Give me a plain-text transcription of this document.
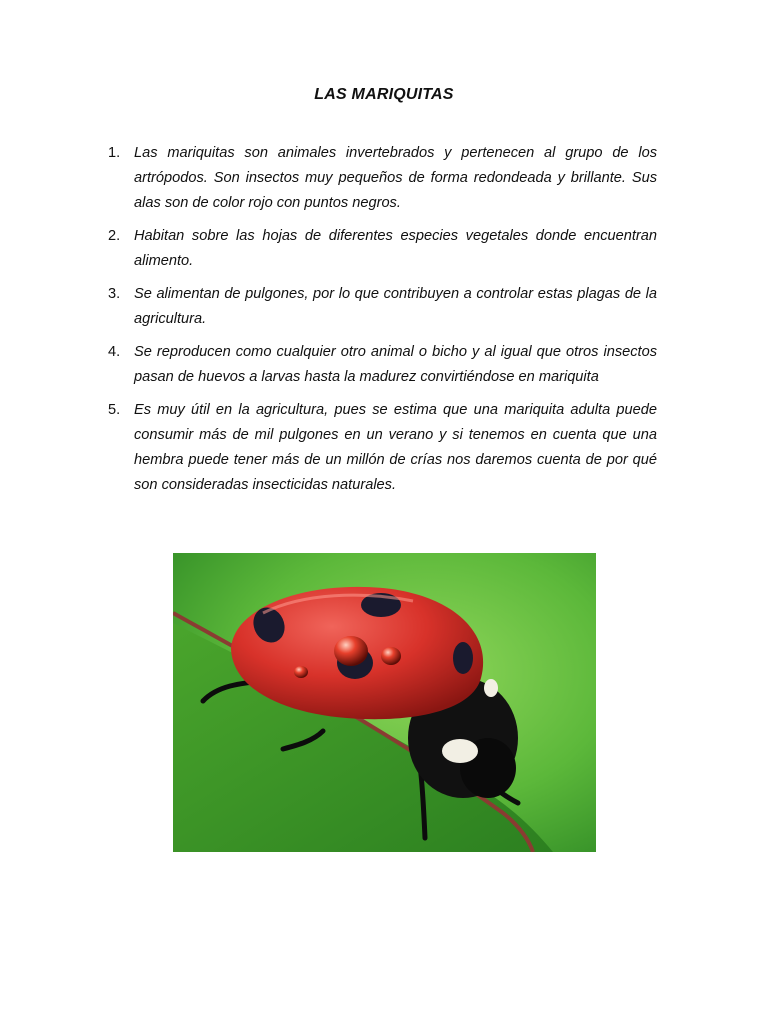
LAS MARIQUITAS
1. Las mariquitas son animales invertebrados y pertenecen al grupo de los artrópodos. Son insectos muy pequeños de forma redondeada y brillante. Sus alas son de color rojo con puntos negros.
2. Habitan sobre las hojas de diferentes especies vegetales donde encuentran alimento.
3. Se alimentan de pulgones, por lo que contribuyen a controlar estas plagas de la agricultura.
4. Se reproducen como cualquier otro animal o bicho y al igual que otros insectos pasan de huevos a larvas hasta la madurez convirtiéndose en mariquita
5. Es muy útil en la agricultura, pues se estima que una mariquita adulta puede consumir más de mil pulgones en un verano y si tenemos en cuenta que una hembra puede tener más de un millón de crías nos daremos cuenta de por qué son consideradas insecticidas naturales.
